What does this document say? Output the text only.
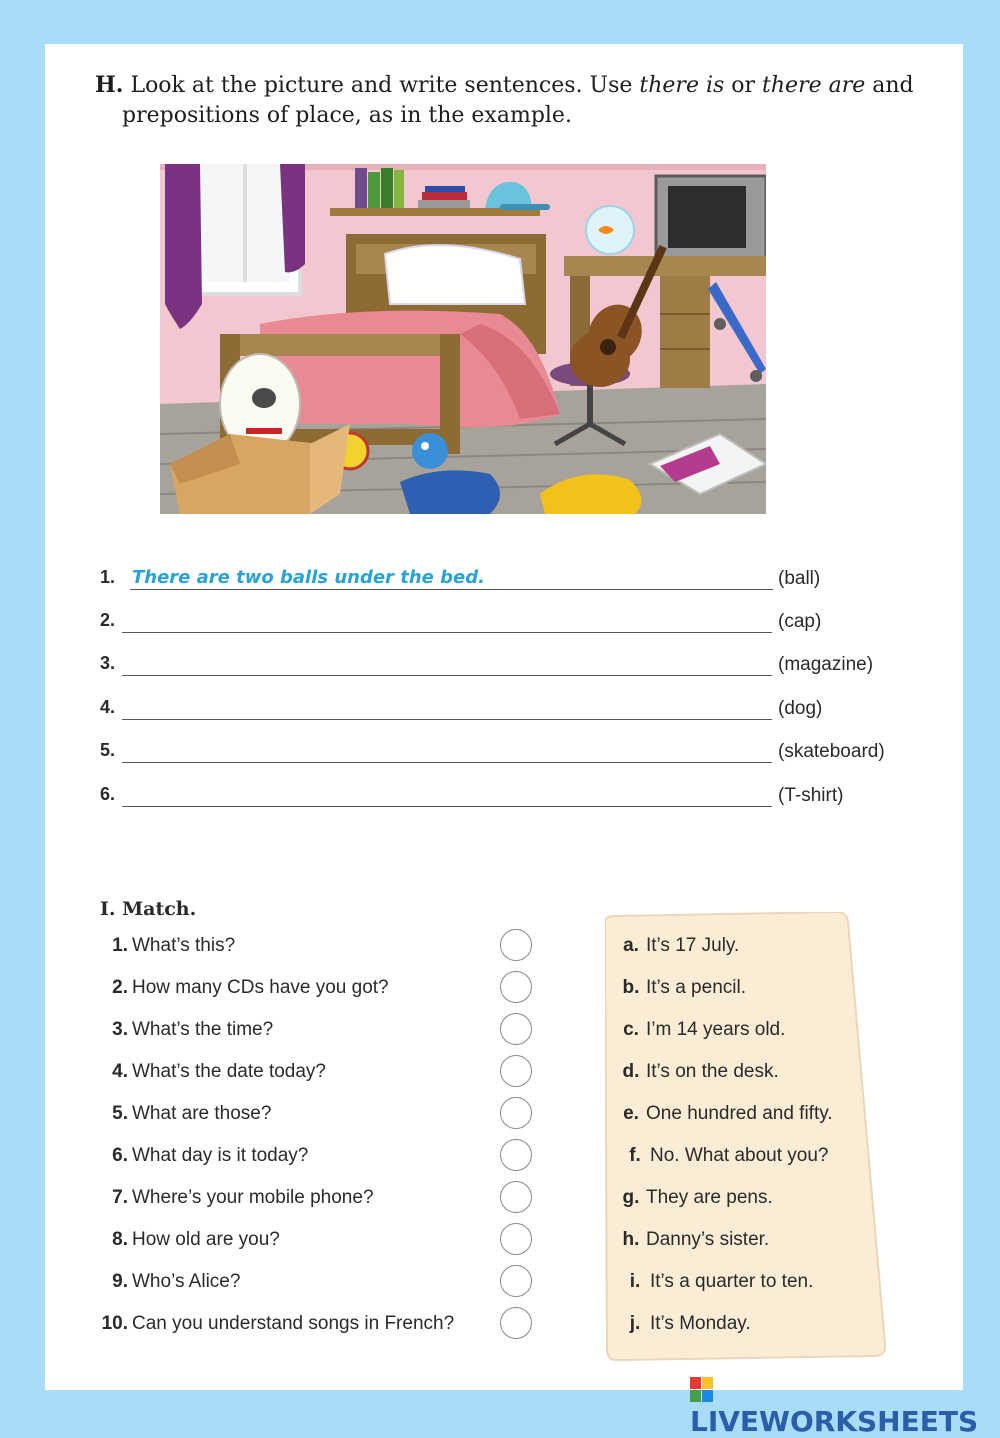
H. Look at the picture and write sentences. Use there is or there are and
prepositions of place, as in the example.
1. There are two balls under the bed.	(ball)
2.	(cap)
3.	(magazine)
4.	(dog)
5.	(skateboard)
6.	(T-shirt)
I. Match.
1. What’s this?
2. How many CDs have you got?
3. What’s the time?
4. What’s the date today?
5. What are those?
6. What day is it today?
7. Where’s your mobile phone?
8. How old are you?
9. Who’s Alice?
10. Can you understand songs in French?
a. It’s 17 July.
b. It’s a pencil.
c. I’m 14 years old.
d. It’s on the desk.
e. One hundred and fifty.
f. No. What about you?
g. They are pens.
h. Danny’s sister.
i. It’s a quarter to ten.
j. It’s Monday.
LIVEWORKSHEETS
